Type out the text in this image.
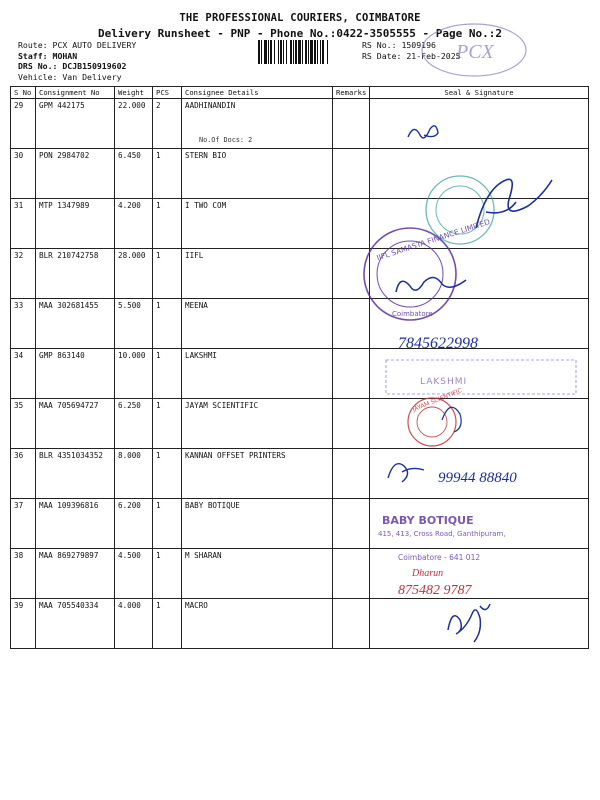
THE PROFESSIONAL COURIERS, COIMBATORE
Delivery Runsheet - PNP - Phone No.:0422-3505555 - Page No.:2
Route: PCX AUTO DELIVERY
Staff: MOHAN
DRS No.: DCJB150919602
Vehicle: Van Delivery
RS No.: 1509196
RS Date: 21-Feb-2025
S No	Consignment No	Weight	PCS	Consignee Details	Remarks	Seal & Signature
29	GPM 442175	22.000	2	AADHINANDIN
No.Of Docs: 2		

30	PON 2984702	6.450	1	STERN BIO		
31	MTP 1347989	4.200	1	I TWO COM		
32	BLR 210742758	28.000	1	IIFL		
33	MAA 302681455	5.500	1	MEENA		
34	GMP 863140	10.000	1	LAKSHMI		
35	MAA 705694727	6.250	1	JAYAM SCIENTIFIC		
36	BLR 4351034352	8.000	1	KANNAN OFFSET PRINTERS		
37	MAA 109396816	6.200	1	BABY BOTIQUE		
38	MAA 869279897	4.500	1	M SHARAN		
39	MAA 705540334	4.000	1	MACRO		
PCX
IIFL SAMASTA FINANCE LIMITED
Coimbatore
7845622998
LAKSHMI
JAYAM SCIENTIFIC
99944 88840
BABY BOTIQUE
415, 413, Cross Road, Ganthipuram,
Coimbatore - 641 012
Dharun
875482 9787
